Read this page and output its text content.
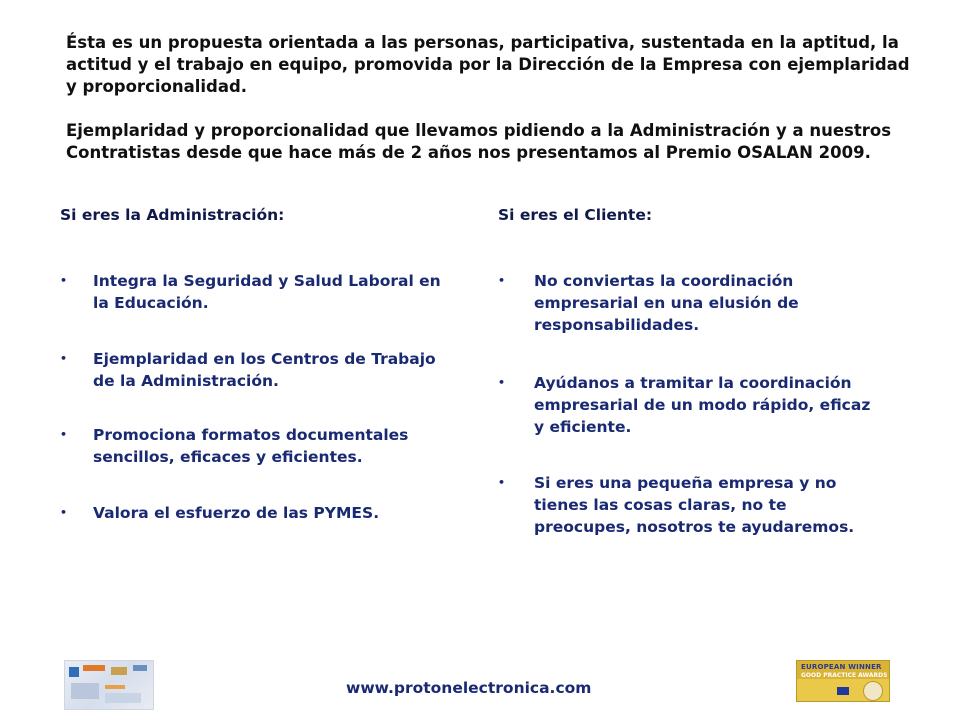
Ésta es un propuesta orientada a las personas, participativa, sustentada en la aptitud, la actitud y el trabajo en equipo, promovida por la Dirección de la Empresa con ejemplaridad y proporcionalidad.

Ejemplaridad y proporcionalidad que llevamos pidiendo a la Administración y a nuestros Contratistas desde que hace más de 2 años nos presentamos al Premio OSALAN 2009.

Si eres la Administración:
• Integra la Seguridad y Salud Laboral en la Educación.
• Ejemplaridad en los Centros de Trabajo de la Administración.
• Promociona formatos documentales sencillos, eficaces y eficientes.
• Valora el esfuerzo de las PYMES.
Si eres el Cliente:
• No conviertas la coordinación empresarial en una elusión de responsabilidades.
• Ayúdanos a tramitar la coordinación empresarial de un modo rápido, eficaz y eficiente.
• Si eres una pequeña empresa y no tienes las cosas claras, no te preocupes, nosotros te ayudaremos.
www.protonelectronica.com
EUROPEAN WINNER
GOOD PRACTICE AWARDS
